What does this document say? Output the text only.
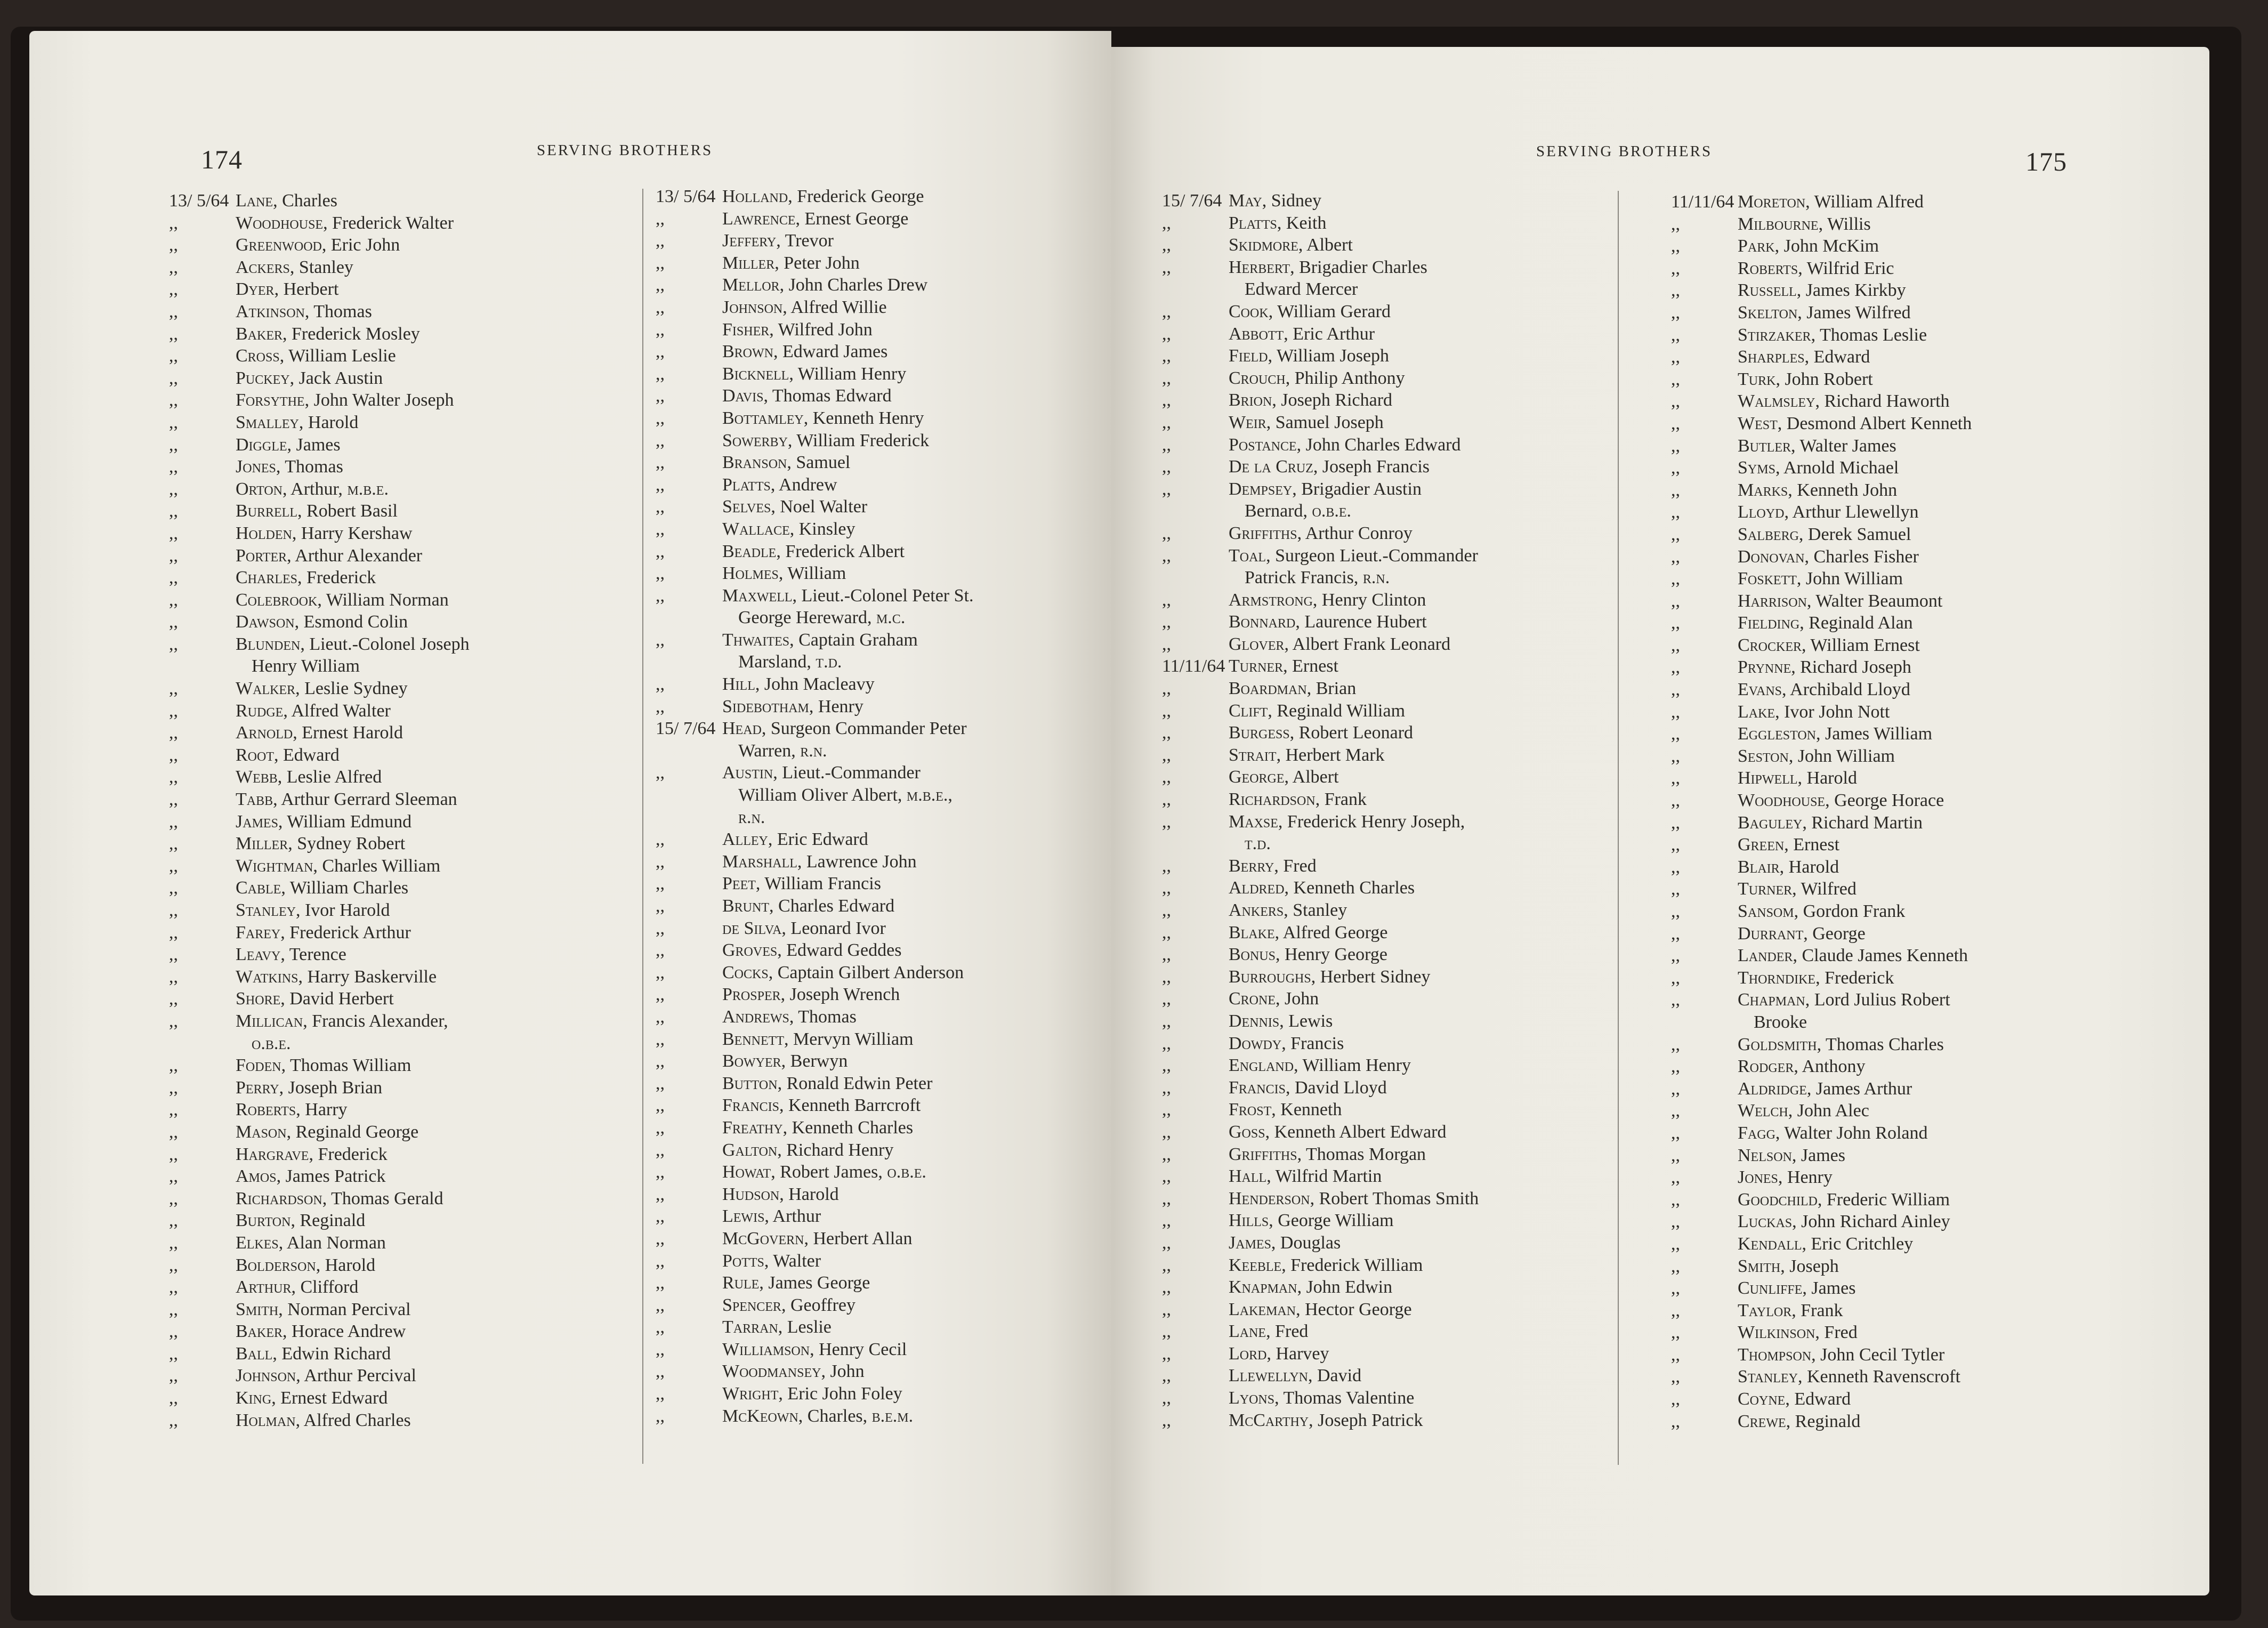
174	SERVING BROTHERS
13/ 5/64 Lane, Charles
,,	Woodhouse, Frederick Walter
,,	Greenwood, Eric John
,,	Ackers, Stanley
,,	Dyer, Herbert
,,	Atkinson, Thomas
,,	Baker, Frederick Mosley
,,	Cross, William Leslie
,,	Puckey, Jack Austin
,,	Forsythe, John Walter Joseph
,,	Smalley, Harold
,,	Diggle, James
,,	Jones, Thomas
,,	Orton, Arthur, m.b.e.
,,	Burrell, Robert Basil
,,	Holden, Harry Kershaw
,,	Porter, Arthur Alexander
,,	Charles, Frederick
,,	Colebrook, William Norman
,,	Dawson, Esmond Colin
,,	Blunden, Lieut.-Colonel Joseph
Henry William
,,	Walker, Leslie Sydney
,,	Rudge, Alfred Walter
,,	Arnold, Ernest Harold
,,	Root, Edward
,,	Webb, Leslie Alfred
,,	Tabb, Arthur Gerrard Sleeman
,,	James, William Edmund
,,	Miller, Sydney Robert
,,	Wightman, Charles William
,,	Cable, William Charles
,,	Stanley, Ivor Harold
,,	Farey, Frederick Arthur
,,	Leavy, Terence
,,	Watkins, Harry Baskerville
,,	Shore, David Herbert
,,	Millican, Francis Alexander,
o.b.e.
,,	Foden, Thomas William
,,	Perry, Joseph Brian
,,	Roberts, Harry
,,	Mason, Reginald George
,,	Hargrave, Frederick
,,	Amos, James Patrick
,,	Richardson, Thomas Gerald
,,	Burton, Reginald
,,	Elkes, Alan Norman
,,	Bolderson, Harold
,,	Arthur, Clifford
,,	Smith, Norman Percival
,,	Baker, Horace Andrew
,,	Ball, Edwin Richard
,,	Johnson, Arthur Percival
,,	King, Ernest Edward
,,	Holman, Alfred Charles
13/ 5/64 Holland, Frederick George
,,	Lawrence, Ernest George
,,	Jeffery, Trevor
,,	Miller, Peter John
,,	Mellor, John Charles Drew
,,	Johnson, Alfred Willie
,,	Fisher, Wilfred John
,,	Brown, Edward James
,,	Bicknell, William Henry
,,	Davis, Thomas Edward
,,	Bottamley, Kenneth Henry
,,	Sowerby, William Frederick
,,	Branson, Samuel
,,	Platts, Andrew
,,	Selves, Noel Walter
,,	Wallace, Kinsley
,,	Beadle, Frederick Albert
,,	Holmes, William
,,	Maxwell, Lieut.-Colonel Peter St.
George Hereward, m.c.
,,	Thwaites, Captain Graham
Marsland, t.d.
,,	Hill, John Macleavy
,,	Sidebotham, Henry
15/ 7/64 Head, Surgeon Commander Peter
Warren, r.n.
,,	Austin, Lieut.-Commander
William Oliver Albert, m.b.e.,
r.n.
,,	Alley, Eric Edward
,,	Marshall, Lawrence John
,,	Peet, William Francis
,,	Brunt, Charles Edward
,,	de Silva, Leonard Ivor
,,	Groves, Edward Geddes
,,	Cocks, Captain Gilbert Anderson
,,	Prosper, Joseph Wrench
,,	Andrews, Thomas
,,	Bennett, Mervyn William
,,	Bowyer, Berwyn
,,	Button, Ronald Edwin Peter
,,	Francis, Kenneth Barrcroft
,,	Freathy, Kenneth Charles
,,	Galton, Richard Henry
,,	Howat, Robert James, o.b.e.
,,	Hudson, Harold
,,	Lewis, Arthur
,,	McGovern, Herbert Allan
,,	Potts, Walter
,,	Rule, James George
,,	Spencer, Geoffrey
,,	Tarran, Leslie
,,	Williamson, Henry Cecil
,,	Woodmansey, John
,,	Wright, Eric John Foley
,,	McKeown, Charles, b.e.m.
SERVING BROTHERS	175
15/ 7/64 May, Sidney
,,	Platts, Keith
,,	Skidmore, Albert
,,	Herbert, Brigadier Charles
Edward Mercer
,,	Cook, William Gerard
,,	Abbott, Eric Arthur
,,	Field, William Joseph
,,	Crouch, Philip Anthony
,,	Brion, Joseph Richard
,,	Weir, Samuel Joseph
,,	Postance, John Charles Edward
,,	De la Cruz, Joseph Francis
,,	Dempsey, Brigadier Austin
Bernard, o.b.e.
,,	Griffiths, Arthur Conroy
,,	Toal, Surgeon Lieut.-Commander
Patrick Francis, r.n.
,,	Armstrong, Henry Clinton
,,	Bonnard, Laurence Hubert
,,	Glover, Albert Frank Leonard
11/11/64 Turner, Ernest
,,	Boardman, Brian
,,	Clift, Reginald William
,,	Burgess, Robert Leonard
,,	Strait, Herbert Mark
,,	George, Albert
,,	Richardson, Frank
,,	Maxse, Frederick Henry Joseph,
t.d.
,,	Berry, Fred
,,	Aldred, Kenneth Charles
,,	Ankers, Stanley
,,	Blake, Alfred George
,,	Bonus, Henry George
,,	Burroughs, Herbert Sidney
,,	Crone, John
,,	Dennis, Lewis
,,	Dowdy, Francis
,,	England, William Henry
,,	Francis, David Lloyd
,,	Frost, Kenneth
,,	Goss, Kenneth Albert Edward
,,	Griffiths, Thomas Morgan
,,	Hall, Wilfrid Martin
,,	Henderson, Robert Thomas Smith
,,	Hills, George William
,,	James, Douglas
,,	Keeble, Frederick William
,,	Knapman, John Edwin
,,	Lakeman, Hector George
,,	Lane, Fred
,,	Lord, Harvey
,,	Llewellyn, David
,,	Lyons, Thomas Valentine
,,	McCarthy, Joseph Patrick
11/11/64 Moreton, William Alfred
,,	Milbourne, Willis
,,	Park, John McKim
,,	Roberts, Wilfrid Eric
,,	Russell, James Kirkby
,,	Skelton, James Wilfred
,,	Stirzaker, Thomas Leslie
,,	Sharples, Edward
,,	Turk, John Robert
,,	Walmsley, Richard Haworth
,,	West, Desmond Albert Kenneth
,,	Butler, Walter James
,,	Syms, Arnold Michael
,,	Marks, Kenneth John
,,	Lloyd, Arthur Llewellyn
,,	Salberg, Derek Samuel
,,	Donovan, Charles Fisher
,,	Foskett, John William
,,	Harrison, Walter Beaumont
,,	Fielding, Reginald Alan
,,	Crocker, William Ernest
,,	Prynne, Richard Joseph
,,	Evans, Archibald Lloyd
,,	Lake, Ivor John Nott
,,	Eggleston, James William
,,	Seston, John William
,,	Hipwell, Harold
,,	Woodhouse, George Horace
,,	Baguley, Richard Martin
,,	Green, Ernest
,,	Blair, Harold
,,	Turner, Wilfred
,,	Sansom, Gordon Frank
,,	Durrant, George
,,	Lander, Claude James Kenneth
,,	Thorndike, Frederick
,,	Chapman, Lord Julius Robert
Brooke
,,	Goldsmith, Thomas Charles
,,	Rodger, Anthony
,,	Aldridge, James Arthur
,,	Welch, John Alec
,,	Fagg, Walter John Roland
,,	Nelson, James
,,	Jones, Henry
,,	Goodchild, Frederic William
,,	Luckas, John Richard Ainley
,,	Kendall, Eric Critchley
,,	Smith, Joseph
,,	Cunliffe, James
,,	Taylor, Frank
,,	Wilkinson, Fred
,,	Thompson, John Cecil Tytler
,,	Stanley, Kenneth Ravenscroft
,,	Coyne, Edward
,,	Crewe, Reginald
